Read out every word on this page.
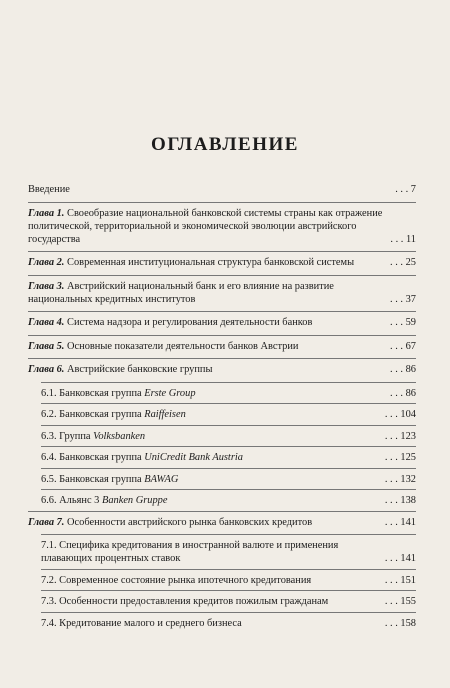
ОГЛАВЛЕНИЕ
Введение	. . . 7
Глава 1. Своеобразие национальной банковской системы страны как отражение политической, территориальной и экономической эволюции австрийского государства	. . . 11
Глава 2. Современная институциональная структура банковской системы	. . . 25
Глава 3. Австрийский национальный банк и его влияние на развитие национальных кредитных институтов	. . . 37
Глава 4. Система надзора и регулирования деятельности банков	. . . 59
Глава 5. Основные показатели деятельности банков Австрии	. . . 67
Глава 6. Австрийские банковские группы	. . . 86
6.1. Банковская группа Erste Group	. . . 86
6.2. Банковская группа Raiffeisen	. . . 104
6.3. Группа Volksbanken	. . . 123
6.4. Банковская группа UniCredit Bank Austria	. . . 125
6.5. Банковская группа BAWAG	. . . 132
6.6. Альянс 3 Banken Gruppe	. . . 138
Глава 7. Особенности австрийского рынка банковских кредитов	. . . 141
7.1. Специфика кредитования в иностранной валюте и применения плавающих процентных ставок	. . . 141
7.2. Современное состояние рынка ипотечного кредитования	. . . 151
7.3. Особенности предоставления кредитов пожилым гражданам	. . . 155
7.4. Кредитование малого и среднего бизнеса	. . . 158
